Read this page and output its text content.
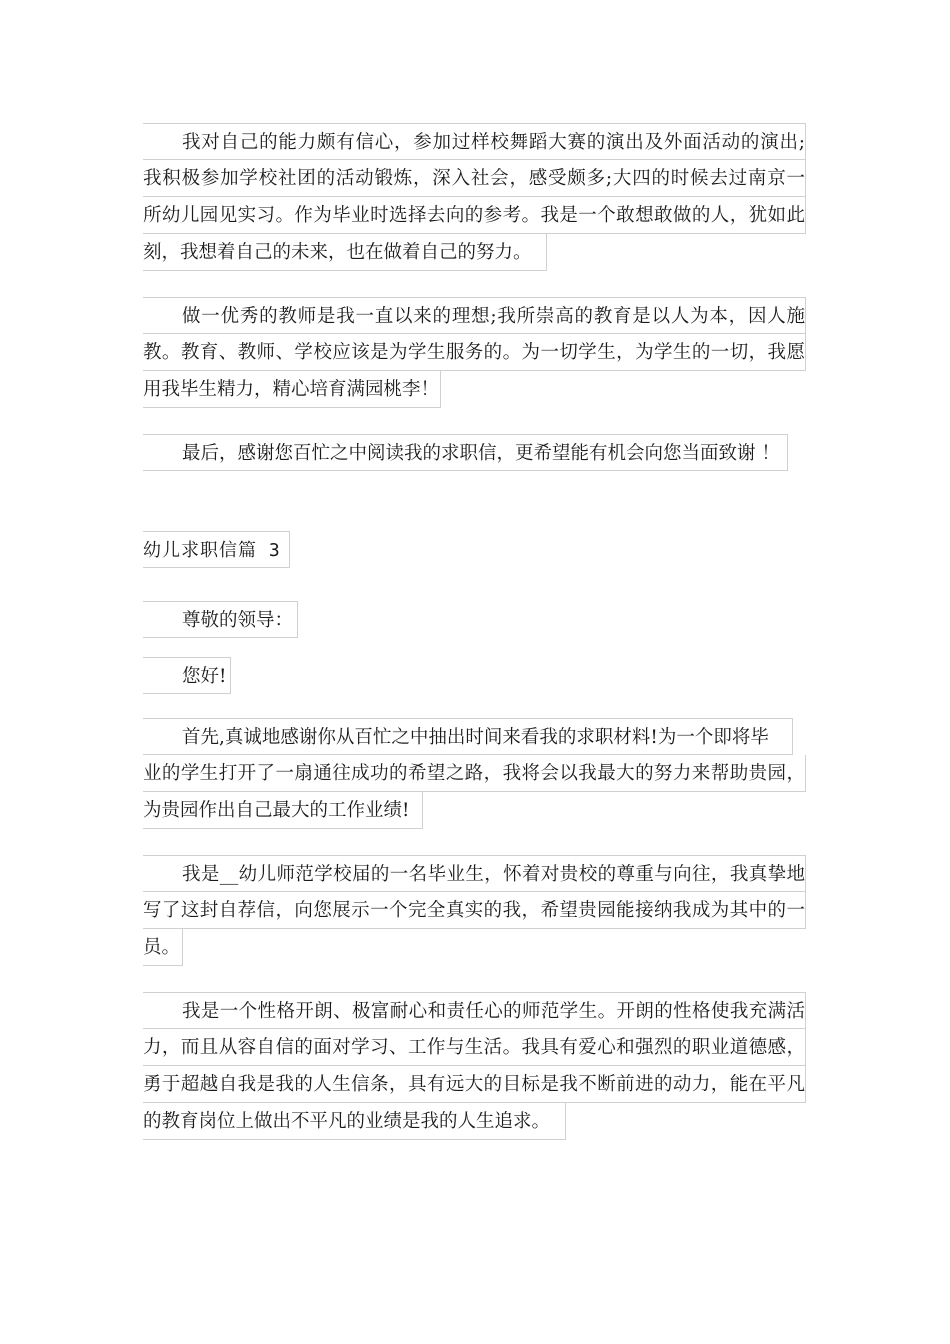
我对自己的能力颇有信心，参加过样校舞蹈大赛的演出及外面活动的演出;
我积极参加学校社团的活动锻炼，深入社会，感受颇多;大四的时候去过南京一
所幼儿园见实习。作为毕业时选择去向的参考。我是一个敢想敢做的人，犹如此
刻，我想着自己的未来，也在做着自己的努力。
做一优秀的教师是我一直以来的理想;我所崇高的教育是以人为本，因人施
教。教育、教师、学校应该是为学生服务的。为一切学生，为学生的一切，我愿
用我毕生精力，精心培育满园桃李！
最后，感谢您百忙之中阅读我的求职信，更希望能有机会向您当面致谢 ！
幼儿求职信篇 3
尊敬的领导：
您好!
首先,真诚地感谢你从百忙之中抽出时间来看我的求职材料!为一个即将毕
业的学生打开了一扇通往成功的希望之路，我将会以我最大的努力来帮助贵园，
为贵园作出自己最大的工作业绩!
我是__幼儿师范学校届的一名毕业生，怀着对贵校的尊重与向往，我真挚地
写了这封自荐信，向您展示一个完全真实的我，希望贵园能接纳我成为其中的一
员。
我是一个性格开朗、极富耐心和责任心的师范学生。开朗的性格使我充满活
力，而且从容自信的面对学习、工作与生活。我具有爱心和强烈的职业道德感，
勇于超越自我是我的人生信条，具有远大的目标是我不断前进的动力，能在平凡
的教育岗位上做出不平凡的业绩是我的人生追求。
